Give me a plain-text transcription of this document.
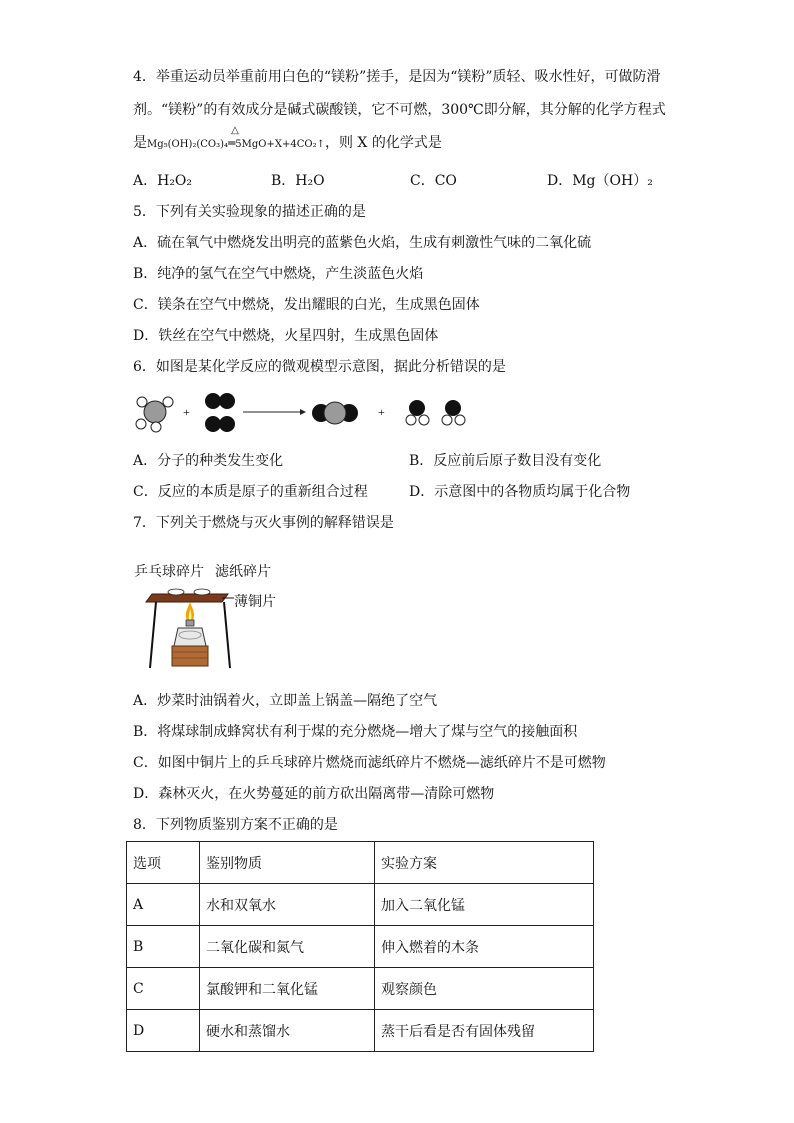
4．举重运动员举重前用白色的“镁粉”搓手，是因为“镁粉”质轻、吸水性好，可做防滑
剂。“镁粉”的有效成分是碱式碳酸镁，它不可燃，300℃即分解，其分解的化学方程式
是Mg₅(OH)₂(CO₃)₄
△
═5MgO+X+4CO₂↑，则 X 的化学式是
A．H₂O₂	B．H₂O	C．CO	D．Mg（OH）₂
5．下列有关实验现象的描述正确的是
A．硫在氧气中燃烧发出明亮的蓝紫色火焰，生成有刺激性气味的二氧化硫
B．纯净的氢气在空气中燃烧，产生淡蓝色火焰
C．镁条在空气中燃烧，发出耀眼的白光，生成黑色固体
D．铁丝在空气中燃烧，火星四射，生成黑色固体
6．如图是某化学反应的微观模型示意图，据此分析错误的是
+	+
A．分子的种类发生变化	B．反应前后原子数目没有变化
C．反应的本质是原子的重新组合过程	D．示意图中的各物质均属于化合物
7．下列关于燃烧与灭火事例的解释错误是
乒乓球碎片 滤纸碎片
薄铜片
A．炒菜时油锅着火，立即盖上锅盖—隔绝了空气
B．将煤球制成蜂窝状有利于煤的充分燃烧—增大了煤与空气的接触面积
C．如图中铜片上的乒乓球碎片燃烧而滤纸碎片不燃烧—滤纸碎片不是可燃物
D．森林灭火，在火势蔓延的前方砍出隔离带—清除可燃物
8．下列物质鉴别方案不正确的是
选项	鉴别物质	实验方案
A	水和双氧水	加入二氧化锰
B	二氧化碳和氮气	伸入燃着的木条
C	氯酸钾和二氧化锰	观察颜色
D	硬水和蒸馏水	蒸干后看是否有固体残留
